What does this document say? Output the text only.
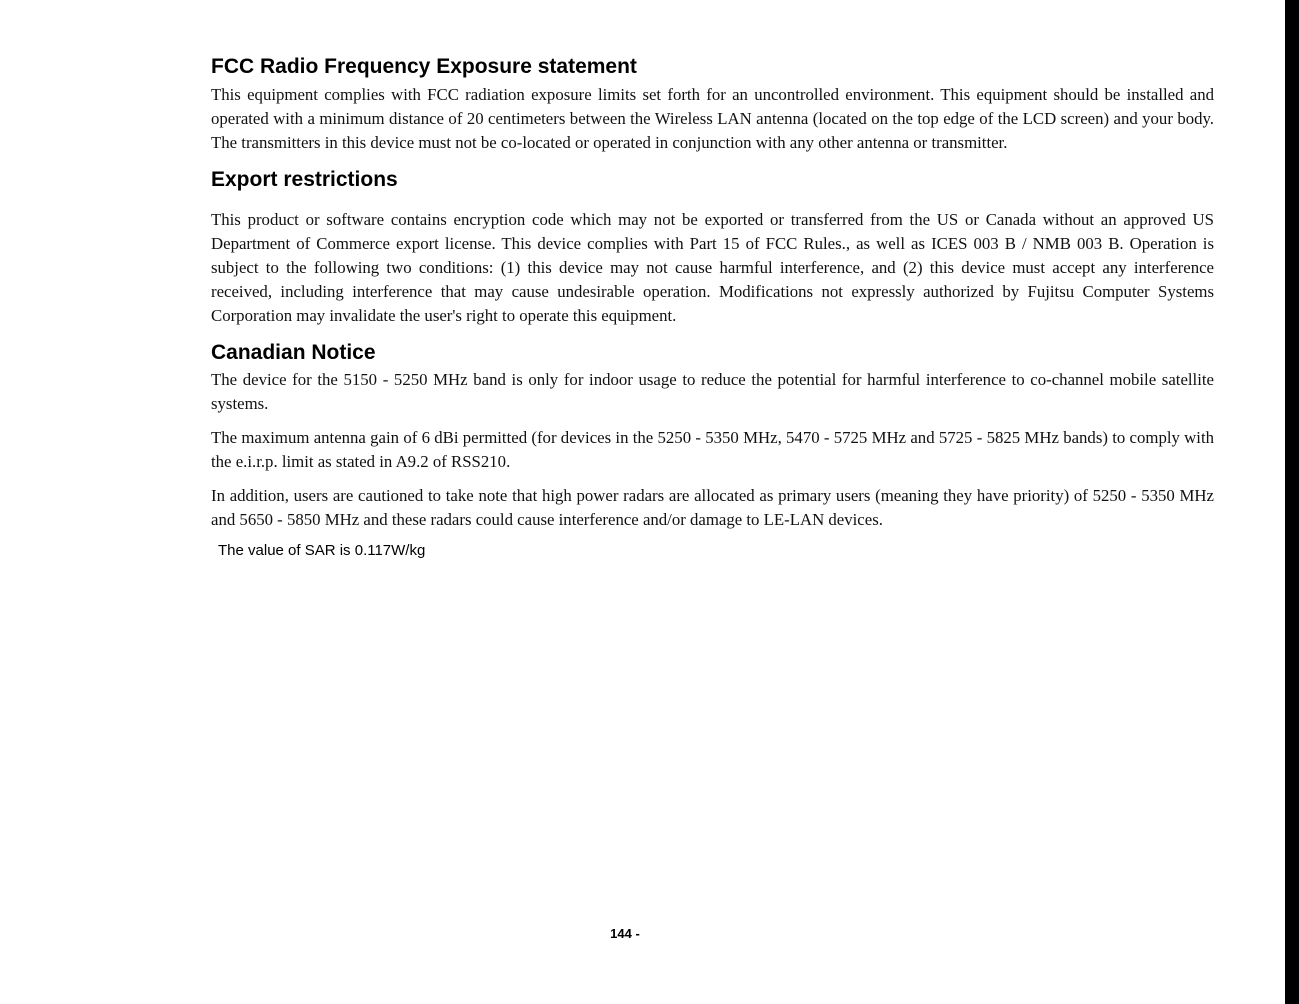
FCC Radio Frequency Exposure statement

This equipment complies with FCC radiation exposure limits set forth for an uncontrolled environment. This equipment should be installed and operated with a minimum distance of 20 centimeters between the Wireless LAN antenna (located on the top edge of the LCD screen) and your body. The transmitters in this device must not be co-located or operated in conjunction with any other antenna or transmitter.

Export restrictions

This product or software contains encryption code which may not be exported or transferred from the US or Canada without an approved US Department of Commerce export license. This device complies with Part 15 of FCC Rules., as well as ICES 003 B / NMB 003 B. Operation is subject to the following two conditions: (1) this device may not cause harmful interference, and (2) this device must accept any interference received, including interference that may cause undesirable operation. Modifications not expressly authorized by Fujitsu Computer Systems Corporation may invalidate the user's right to operate this equipment.

Canadian Notice

The device for the 5150 - 5250 MHz band is only for indoor usage to reduce the potential for harmful interference to co-channel mobile satellite systems.

The maximum antenna gain of 6 dBi permitted (for devices in the 5250 - 5350 MHz, 5470 - 5725 MHz and 5725 - 5825 MHz bands) to comply with the e.i.r.p. limit as stated in A9.2 of RSS210.

In addition, users are cautioned to take note that high power radars are allocated as primary users (meaning they have priority) of 5250 - 5350 MHz and 5650 - 5850 MHz and these radars could cause interference and/or damage to LE-LAN devices.

The value of SAR is 0.117W/kg
144 -
